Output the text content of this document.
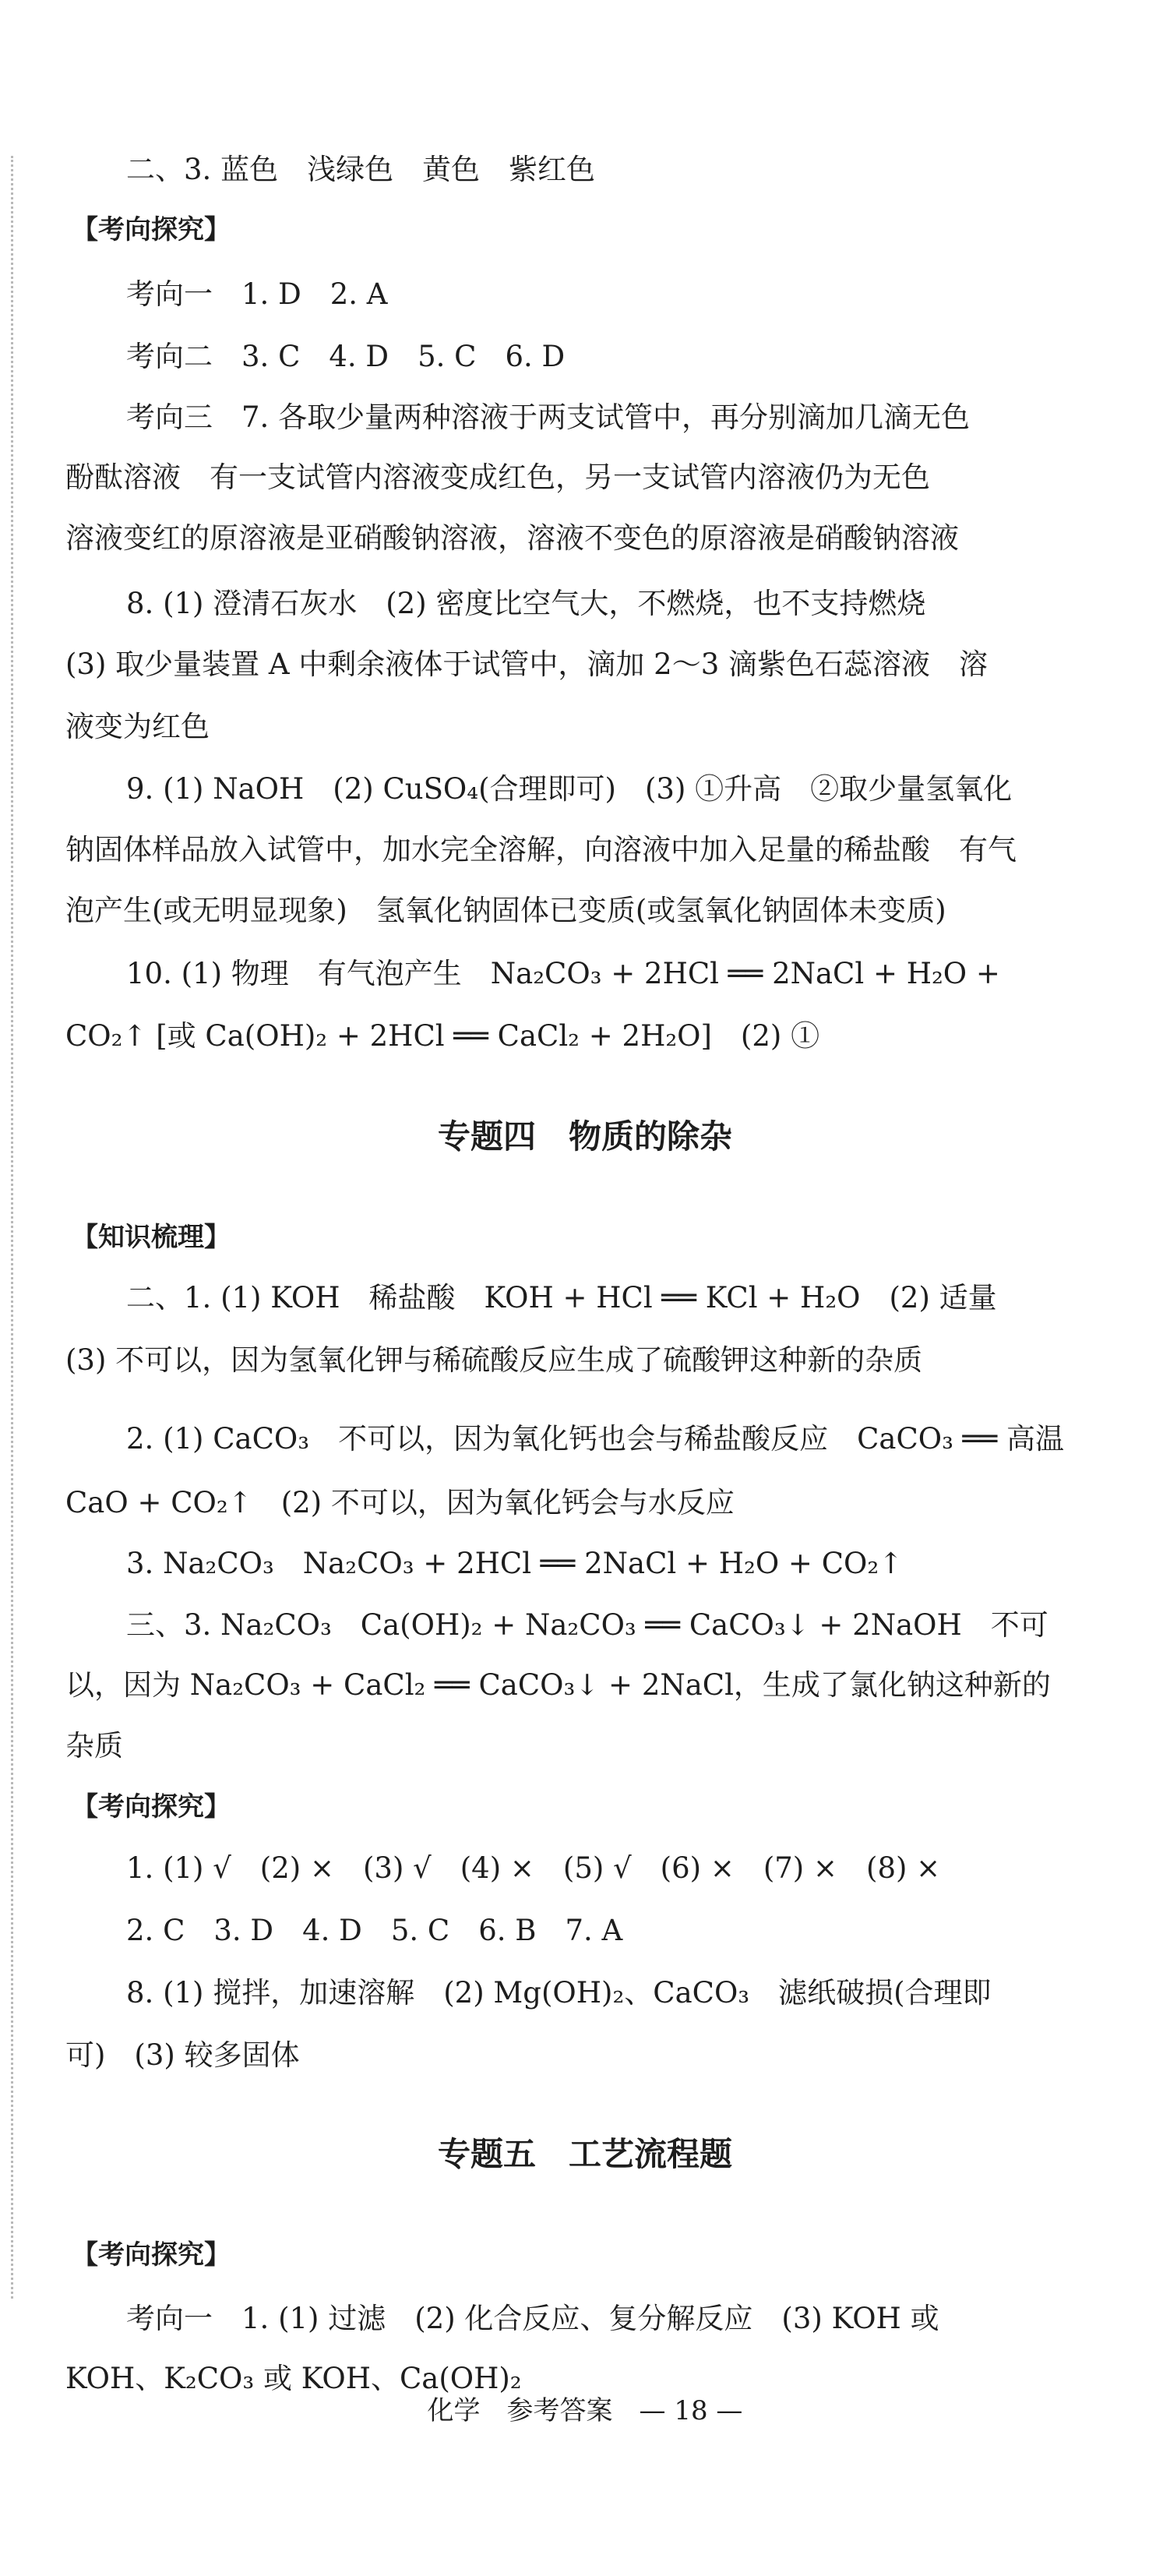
二、3. 蓝色　浅绿色　黄色　紫红色

【考向探究】

考向一　1. D　2. A

考向二　3. C　4. D　5. C　6. D

考向三　7. 各取少量两种溶液于两支试管中，再分别滴加几滴无色

酚酞溶液　有一支试管内溶液变成红色，另一支试管内溶液仍为无色

溶液变红的原溶液是亚硝酸钠溶液，溶液不变色的原溶液是硝酸钠溶液

8. (1) 澄清石灰水　(2) 密度比空气大，不燃烧，也不支持燃烧

(3) 取少量装置 A 中剩余液体于试管中，滴加 2～3 滴紫色石蕊溶液　溶

液变为红色

9. (1) NaOH　(2) CuSO₄(合理即可)　(3) ①升高　②取少量氢氧化

钠固体样品放入试管中，加水完全溶解，向溶液中加入足量的稀盐酸　有气

泡产生(或无明显现象)　氢氧化钠固体已变质(或氢氧化钠固体未变质)

10. (1) 物理　有气泡产生　Na₂CO₃ + 2HCl ══ 2NaCl + H₂O +

CO₂↑ [或 Ca(OH)₂ + 2HCl ══ CaCl₂ + 2H₂O]　(2) ①

专题四　物质的除杂

【知识梳理】

二、1. (1) KOH　稀盐酸　KOH + HCl ══ KCl + H₂O　(2) 适量

(3) 不可以，因为氢氧化钾与稀硫酸反应生成了硫酸钾这种新的杂质

2. (1) CaCO₃　不可以，因为氧化钙也会与稀盐酸反应　CaCO₃ ══ 高温

CaO + CO₂↑　(2) 不可以，因为氧化钙会与水反应

3. Na₂CO₃　Na₂CO₃ + 2HCl ══ 2NaCl + H₂O + CO₂↑

三、3. Na₂CO₃　Ca(OH)₂ + Na₂CO₃ ══ CaCO₃↓ + 2NaOH　不可

以，因为 Na₂CO₃ + CaCl₂ ══ CaCO₃↓ + 2NaCl，生成了氯化钠这种新的

杂质

【考向探究】

1. (1) √　(2) ×　(3) √　(4) ×　(5) √　(6) ×　(7) ×　(8) ×

2. C　3. D　4. D　5. C　6. B　7. A

8. (1) 搅拌，加速溶解　(2) Mg(OH)₂、CaCO₃　滤纸破损(合理即

可)　(3) 较多固体

专题五　工艺流程题

【考向探究】

考向一　1. (1) 过滤　(2) 化合反应、复分解反应　(3) KOH 或

KOH、K₂CO₃ 或 KOH、Ca(OH)₂

化学　参考答案　— 18 —
